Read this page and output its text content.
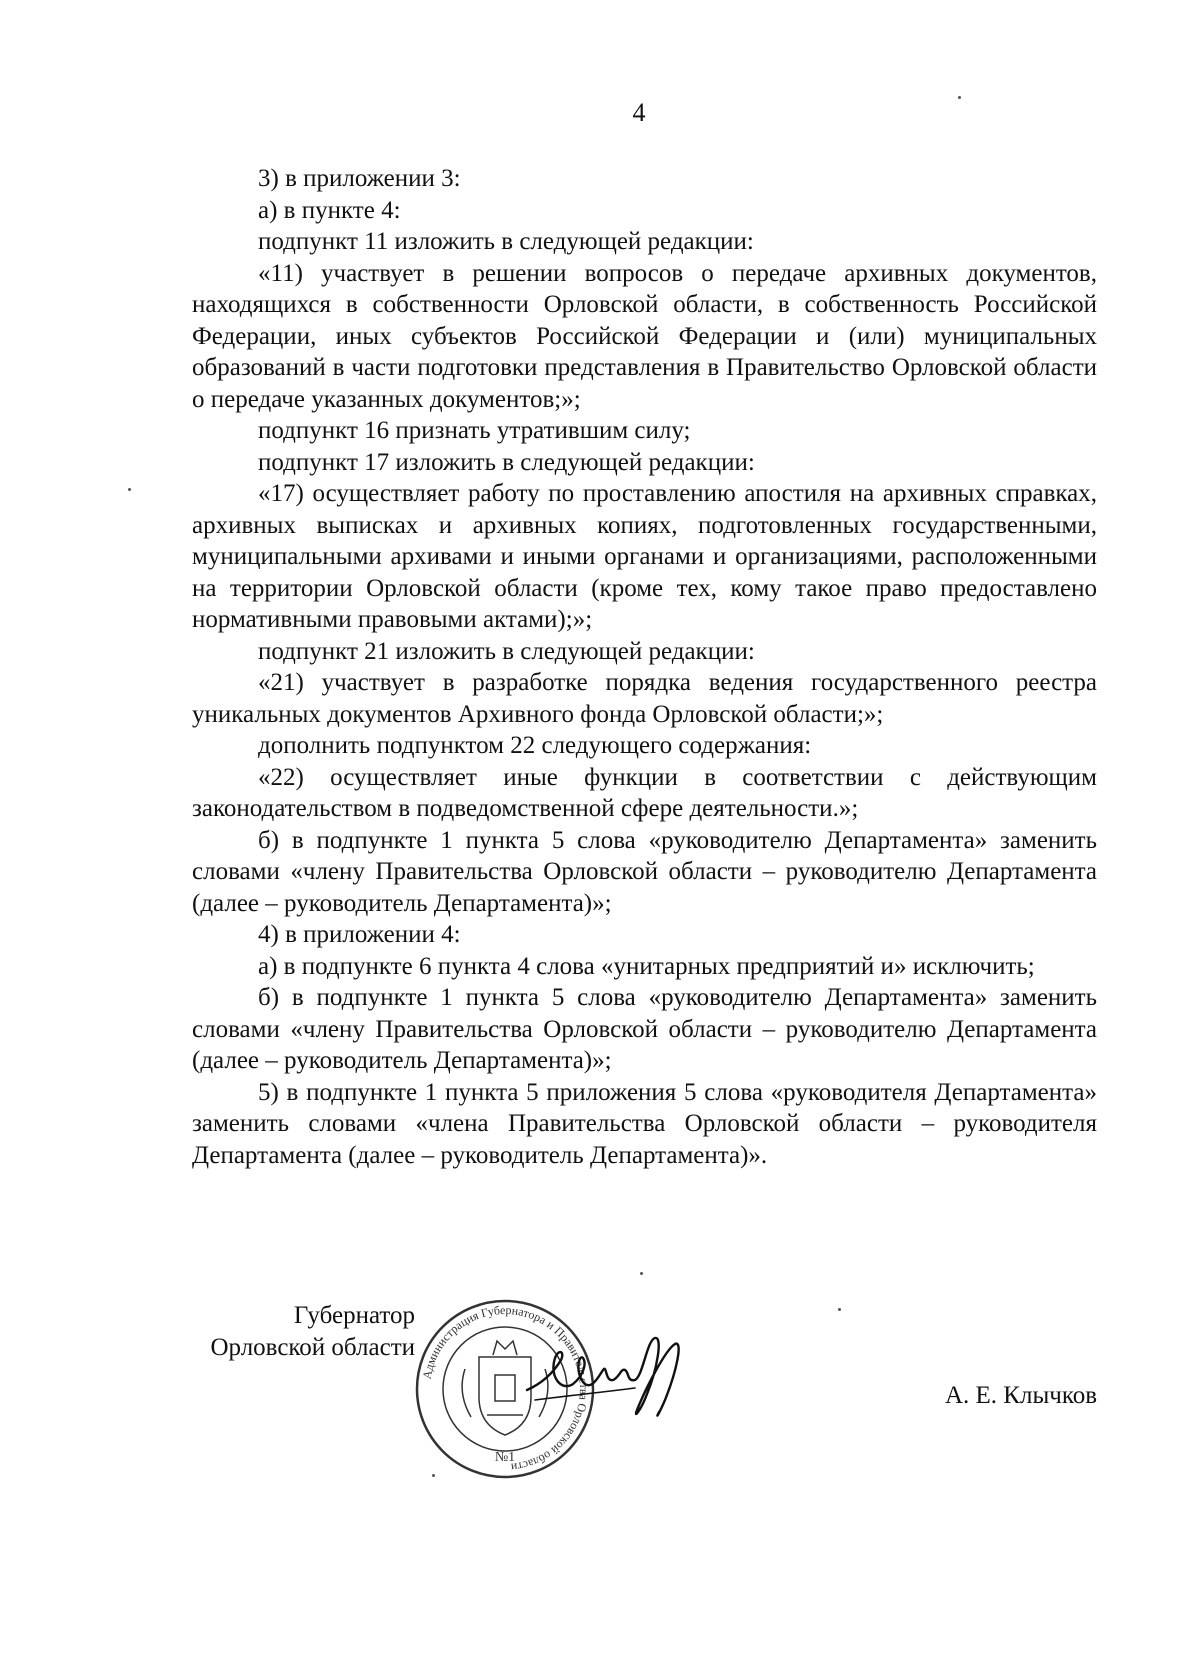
4

3) в приложении 3:

а) в пункте 4:

подпункт 11 изложить в следующей редакции:

«11) участвует в решении вопросов о передаче архивных документов, находящихся в собственности Орловской области, в собственность Российской Федерации, иных субъектов Российской Федерации и (или) муниципальных образований в части подготовки представления в Правительство Орловской области о передаче указанных документов;»;

подпункт 16 признать утратившим силу;

подпункт 17 изложить в следующей редакции:

«17) осуществляет работу по проставлению апостиля на архивных справках, архивных выписках и архивных копиях, подготовленных государственными, муниципальными архивами и иными органами и организациями, расположенными на территории Орловской области (кроме тех, кому такое право предоставлено нормативными правовыми актами);»;

подпункт 21 изложить в следующей редакции:

«21) участвует в разработке порядка ведения государственного реестра уникальных документов Архивного фонда Орловской области;»;

дополнить подпунктом 22 следующего содержания:

«22) осуществляет иные функции в соответствии с действующим законодательством в подведомственной сфере деятельности.»;

б) в подпункте 1 пункта 5 слова «руководителю Департамента» заменить словами «члену Правительства Орловской области – руководителю Департамента (далее – руководитель Департамента)»;

4) в приложении 4:

а) в подпункте 6 пункта 4 слова «унитарных предприятий и» исключить;

б) в подпункте 1 пункта 5 слова «руководителю Департамента» заменить словами «члену Правительства Орловской области – руководителю Департамента (далее – руководитель Департамента)»;

5) в подпункте 1 пункта 5 приложения 5 слова «руководителя Департамента» заменить словами «члена Правительства Орловской области – руководителя Департамента (далее – руководитель Департамента)».

Губернатор
Орловской области
А. Е. Клычков
Администрация Губернатора и Правительства Орловской области
№1
